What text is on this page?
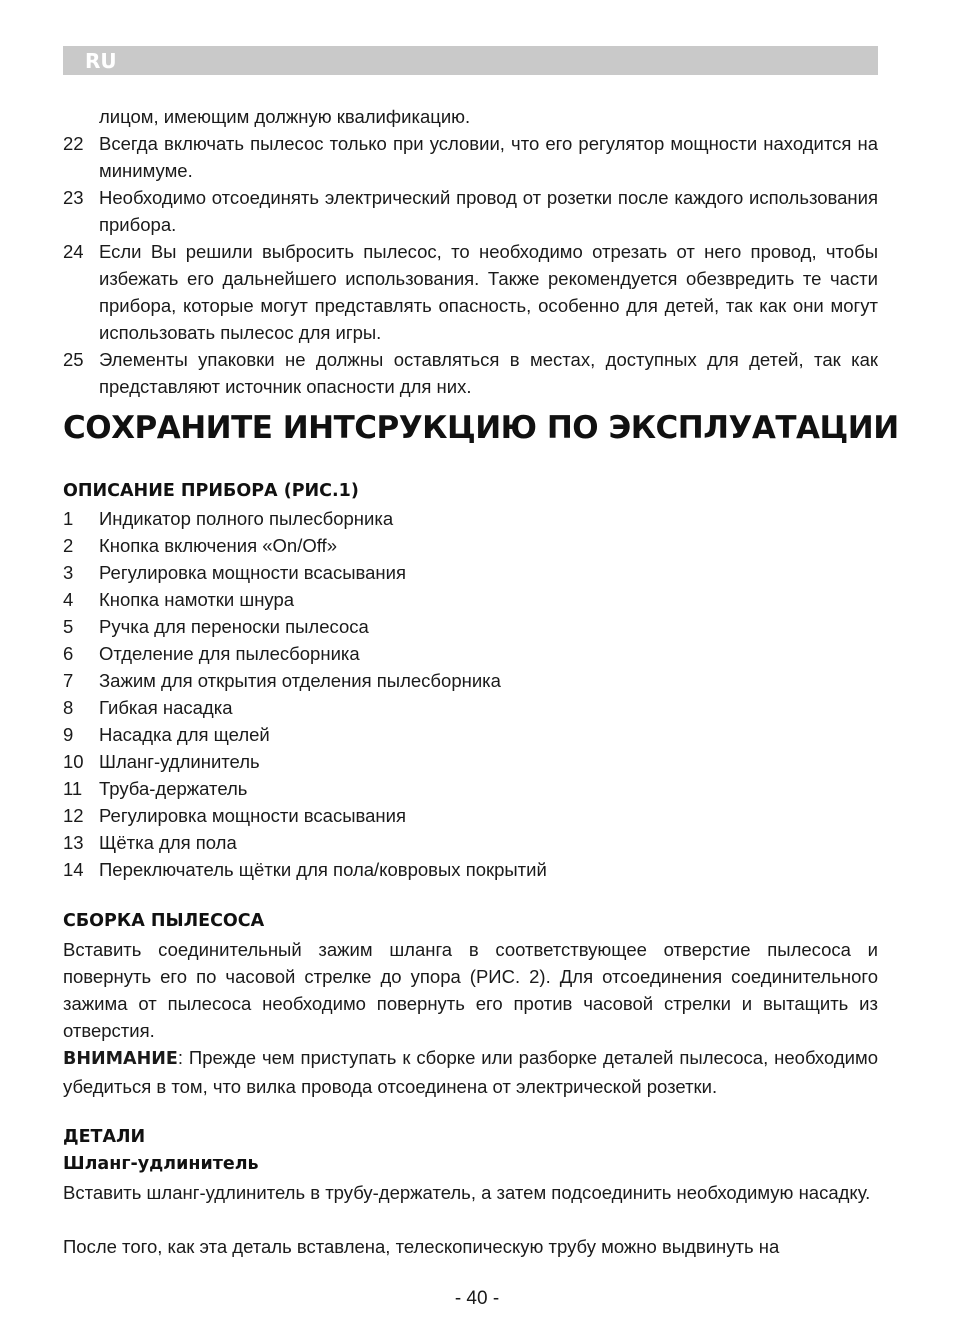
RU
лицом, имеющим должную квалификацию.
22 Всегда включать пылесос только при условии, что его регулятор мощности находится на минимуме.
23 Необходимо отсоединять электрический провод от розетки после каждого использования прибора.
24 Если Вы решили выбросить пылесос, то необходимо отрезать от него провод, чтобы избежать его дальнейшего использования. Также рекомендуется обезвредить те части прибора, которые могут представлять опасность, особенно для детей, так как они могут использовать пылесос для игры.
25 Элементы упаковки не должны оставляться в местах, доступных для детей, так как представляют источник опасности для них.
СОХРАНИТЕ ИНТСРУКЦИЮ ПО ЭКСПЛУАТАЦИИ
ОПИСАНИЕ ПРИБОРА (РИС.1)
1	Индикатор полного пылесборника
2	Кнопка включения «On/Off»
3	Регулировка мощности всасывания
4	Кнопка намотки шнура
5	Ручка для переноски пылесоса
6	Отделение для пылесборника
7	Зажим для открытия отделения пылесборника
8	Гибкая насадка
9	Насадка для щелей
10 Шланг-удлинитель
11 Труба-держатель
12 Регулировка мощности всасывания
13 Щётка для пола
14 Переключатель щётки для пола/ковровых покрытий
СБОРКА ПЫЛЕСОСА

Вставить соединительный зажим шланга в соответствующее отверстие пылесоса и повернуть его по часовой стрелке до упора (РИС. 2). Для отсоединения соединительного зажима от пылесоса необходимо повернуть его против часовой стрелки и вытащить из отверстия.

ВНИМАНИЕ: Прежде чем приступать к сборке или разборке деталей пылесоса, необходимо убедиться в том, что вилка провода отсоединена от электрической розетки.

ДЕТАЛИ
Шланг-удлинитель

Вставить шланг-удлинитель в трубу-держатель, а затем подсоединить необходимую насадку.

После того, как эта деталь вставлена, телескопическую трубу можно выдвинуть на

- 40 -
